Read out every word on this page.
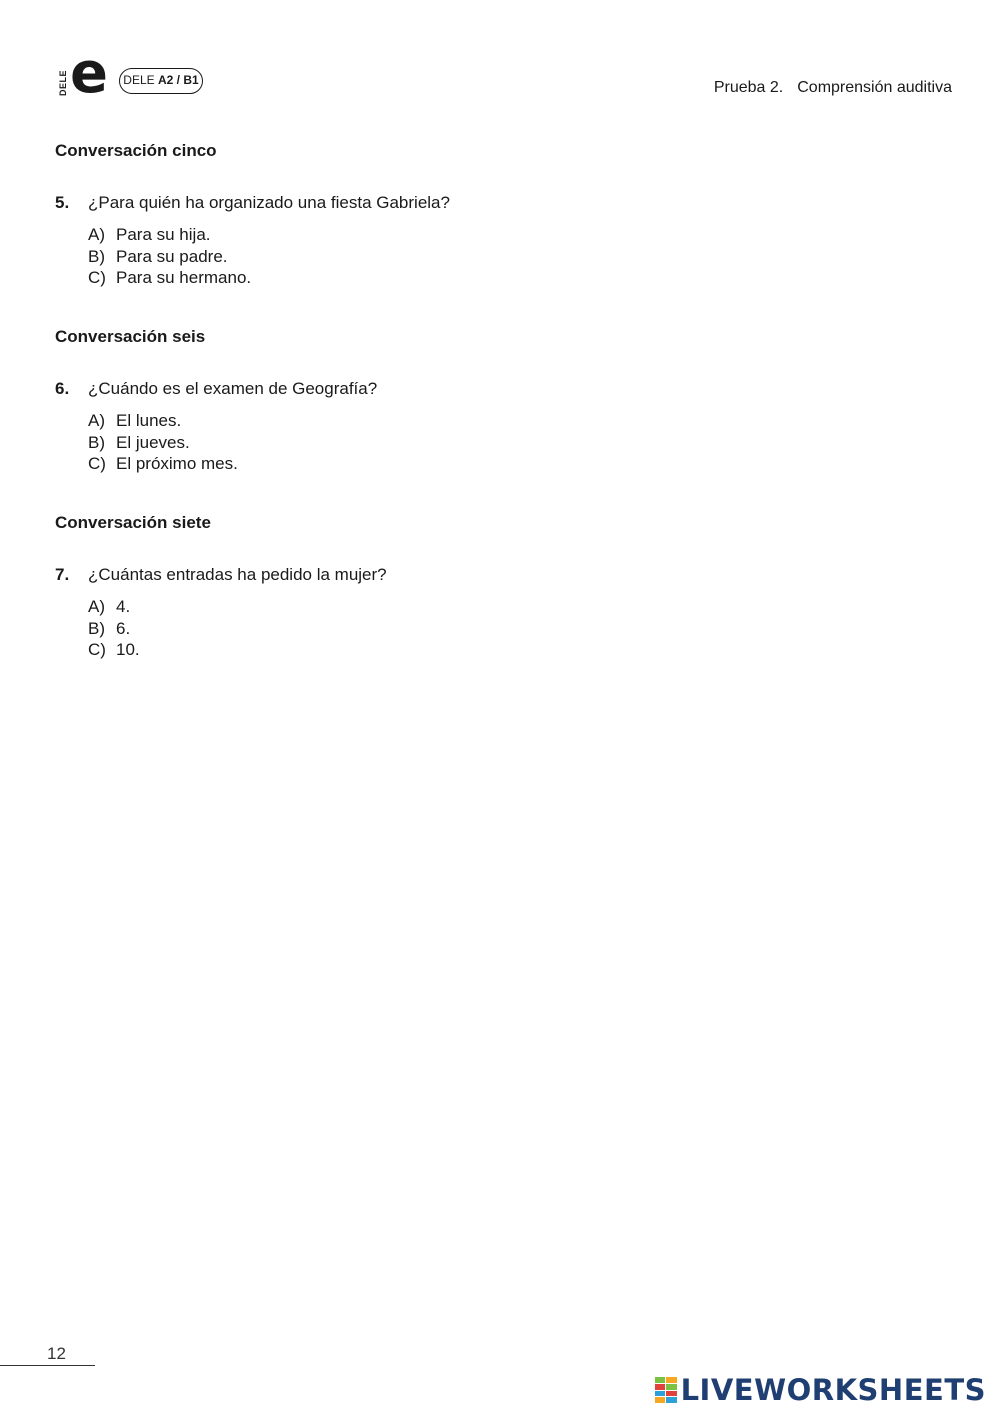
DELE e	DELE A2 / B1	Prueba 2. Comprensión auditiva
Conversación cinco
5. ¿Para quién ha organizado una fiesta Gabriela?
A) Para su hija.
B) Para su padre.
C) Para su hermano.
Conversación seis
6. ¿Cuándo es el examen de Geografía?
A) El lunes.
B) El jueves.
C) El próximo mes.
Conversación siete
7. ¿Cuántas entradas ha pedido la mujer?
A) 4.
B) 6.
C) 10.
12
LIVEWORKSHEETS
